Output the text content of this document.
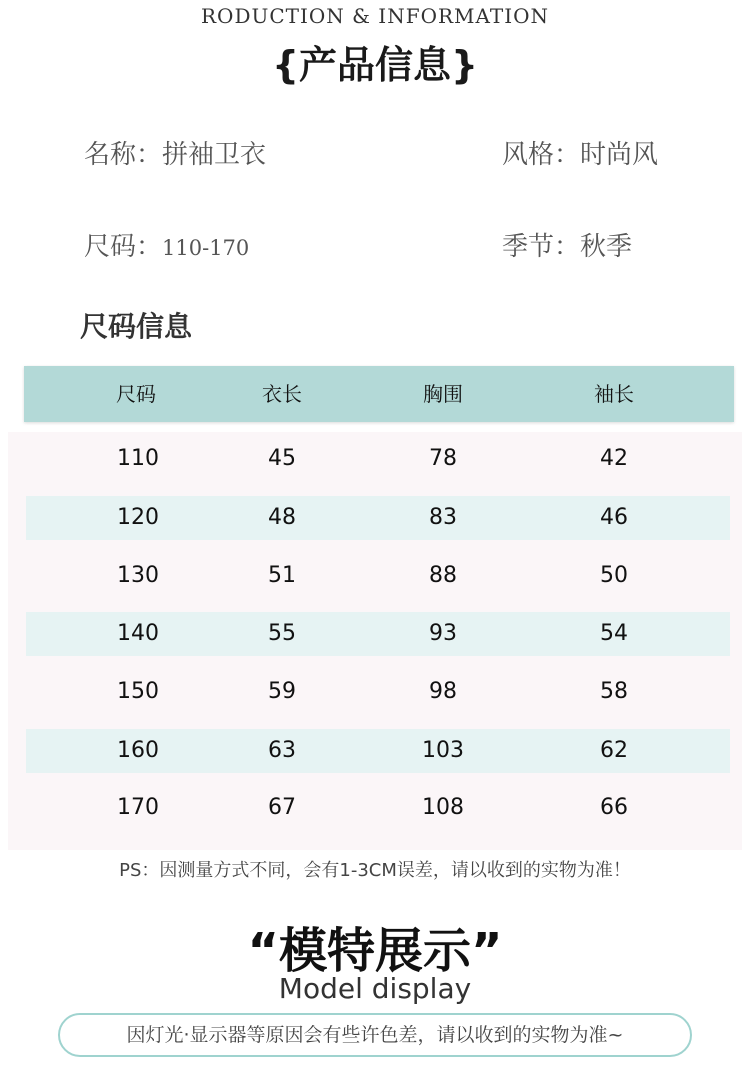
RODUCTION & INFORMATION
{产品信息}
名称：拼袖卫衣	风格：时尚风
尺码：110-170	季节：秋季
尺码信息
尺码	衣长	胸围	袖长
110	45	78	42
120	48	83	46
130	51	88	50
140	55	93	54
150	59	98	58
160	63	103	62
170	67	108	66
PS：因测量方式不同，会有1-3CM误差，请以收到的实物为准！
“模特展示”
Model display
因灯光·显示器等原因会有些许色差，请以收到的实物为准~
